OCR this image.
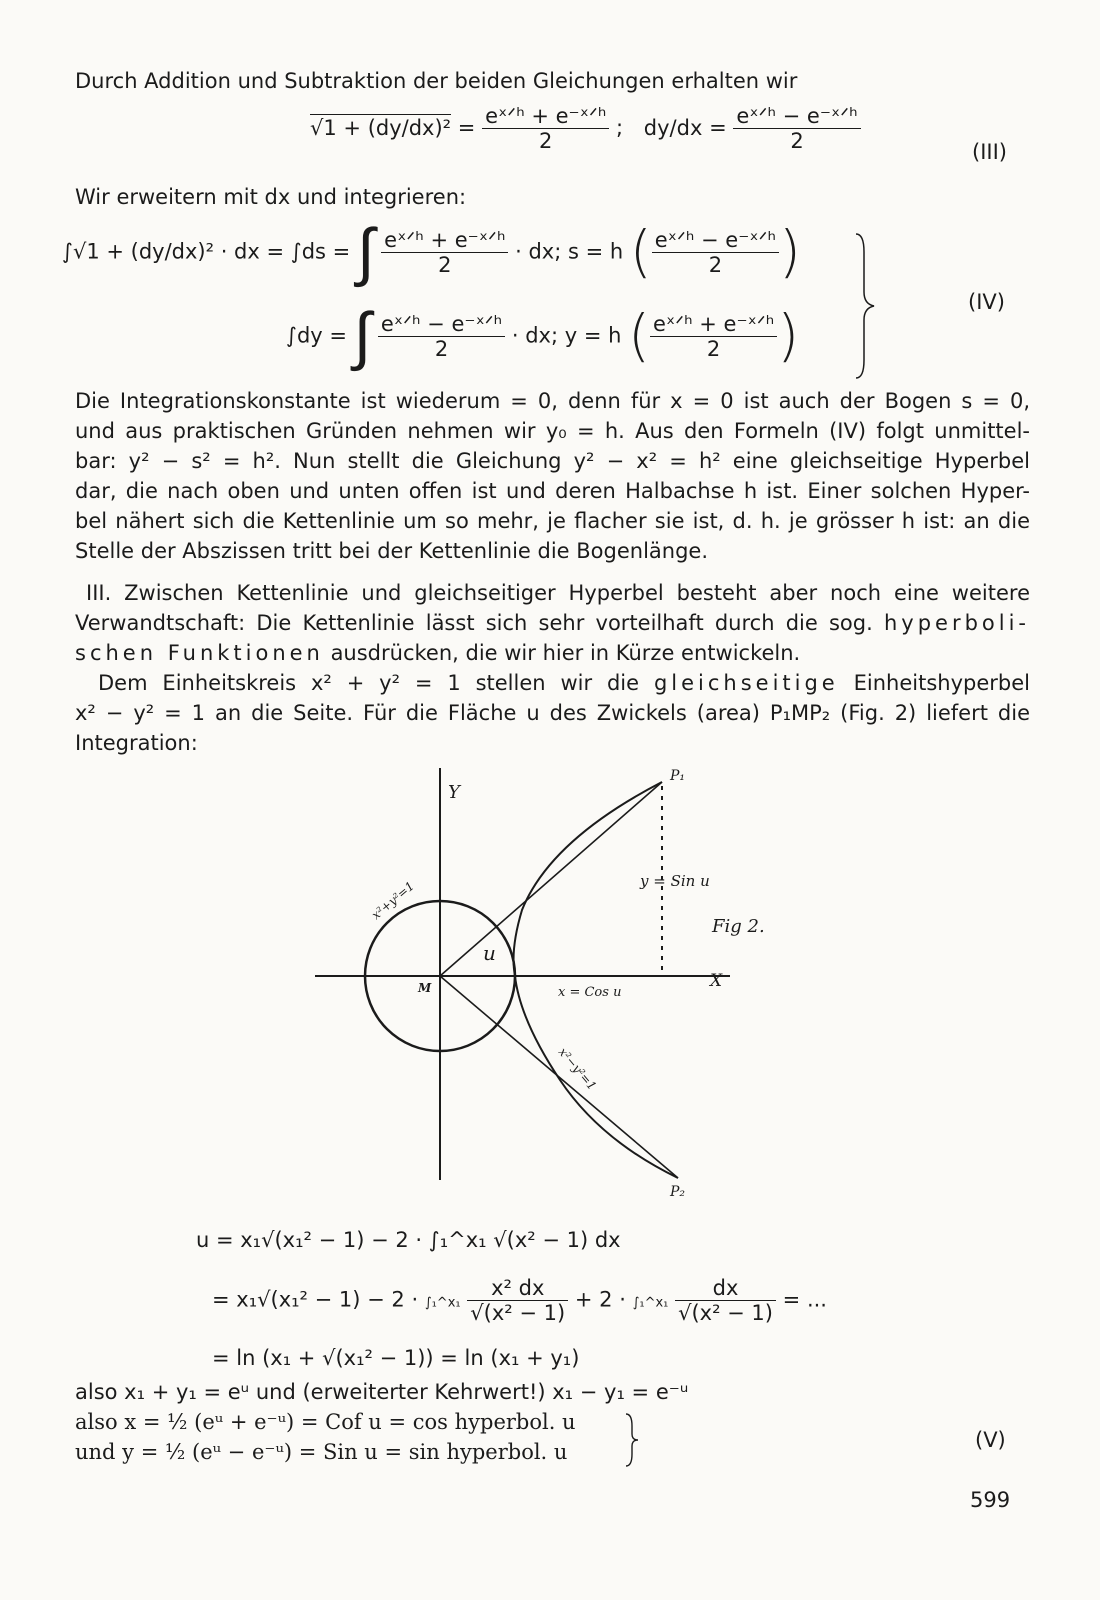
Durch Addition und Subtraktion der beiden Gleichungen erhalten wir
$√1 + (dy/dx)^2 = \frac{\text{eˣᐟʰ + e⁻ˣᐟʰ}}{2}$ ; $dy/dx = \frac{\text{eˣᐟʰ − e⁻ˣᐟʰ}}{2}$	(III)
Wir erweitern mit dx und integrieren:
∫√1 + (dy/dx)² · dx = ∫ds = ∫ $\frac{\text{eˣᐟʰ + e⁻ˣᐟʰ}}{2}$ · dx; s = h ( $\frac{\text{eˣᐟʰ − e⁻ˣᐟʰ}}{2}$ )
∫dy = ∫ $\frac{\text{eˣᐟʰ − e⁻ˣᐟʰ}}{2}$ · dx; y = h ( $\frac{\text{eˣᐟʰ + e⁻ˣᐟʰ}}{2}$ )
(IV)
Die Integrationskonstante ist wiederum = 0, denn für x = 0 ist auch der Bogen s = 0,
und aus praktischen Gründen nehmen wir y₀ = h. Aus den Formeln (IV) folgt unmittel-
bar: y² − s² = h². Nun stellt die Gleichung y² − x² = h² eine gleichseitige Hyperbel
dar, die nach oben und unten offen ist und deren Halbachse h ist. Einer solchen Hyper-
bel nähert sich die Kettenlinie um so mehr, je flacher sie ist, d. h. je grösser h ist: an die
Stelle der Abszissen tritt bei der Kettenlinie die Bogenlänge.
III. Zwischen Kettenlinie und gleichseitiger Hyperbel besteht aber noch eine weitere
Verwandtschaft: Die Kettenlinie lässt sich sehr vorteilhaft durch die sog. hyperboli-
schen Funktionen ausdrücken, die wir hier in Kürze entwickeln.
Dem Einheitskreis x² + y² = 1 stellen wir die gleichseitige Einheitshyperbel
x² − y² = 1 an die Seite. Für die Fläche u des Zwickels (area) P₁MP₂ (Fig. 2) liefert die
Integration:
Y
X
M
P₁
P₂
u
x²+y²=1
x²−y²=1
y = Sin u
x = Cos u
Fig 2.
u = x₁√(x₁² − 1) − 2 · ∫₁^x₁ √(x² − 1) dx
= x₁√(x₁² − 1) − 2 · ∫₁^x₁ $\frac{\text{x² dx}}{\text{√(x² − 1)}} + 2$ · ∫₁^x₁ $\frac{dx}{\text{√(x² − 1)}}$ = ...
= ln (x₁ + √(x₁² − 1)) = ln (x₁ + y₁)
also x₁ + y₁ = eᵘ und (erweiterter Kehrwert!) x₁ − y₁ = e⁻ᵘ
also x = ½ (eᵘ + e⁻ᵘ) = Cof u = cos hyperbol. u
und y = ½ (eᵘ − e⁻ᵘ) = Sin u = sin hyperbol. u	(V)
599
